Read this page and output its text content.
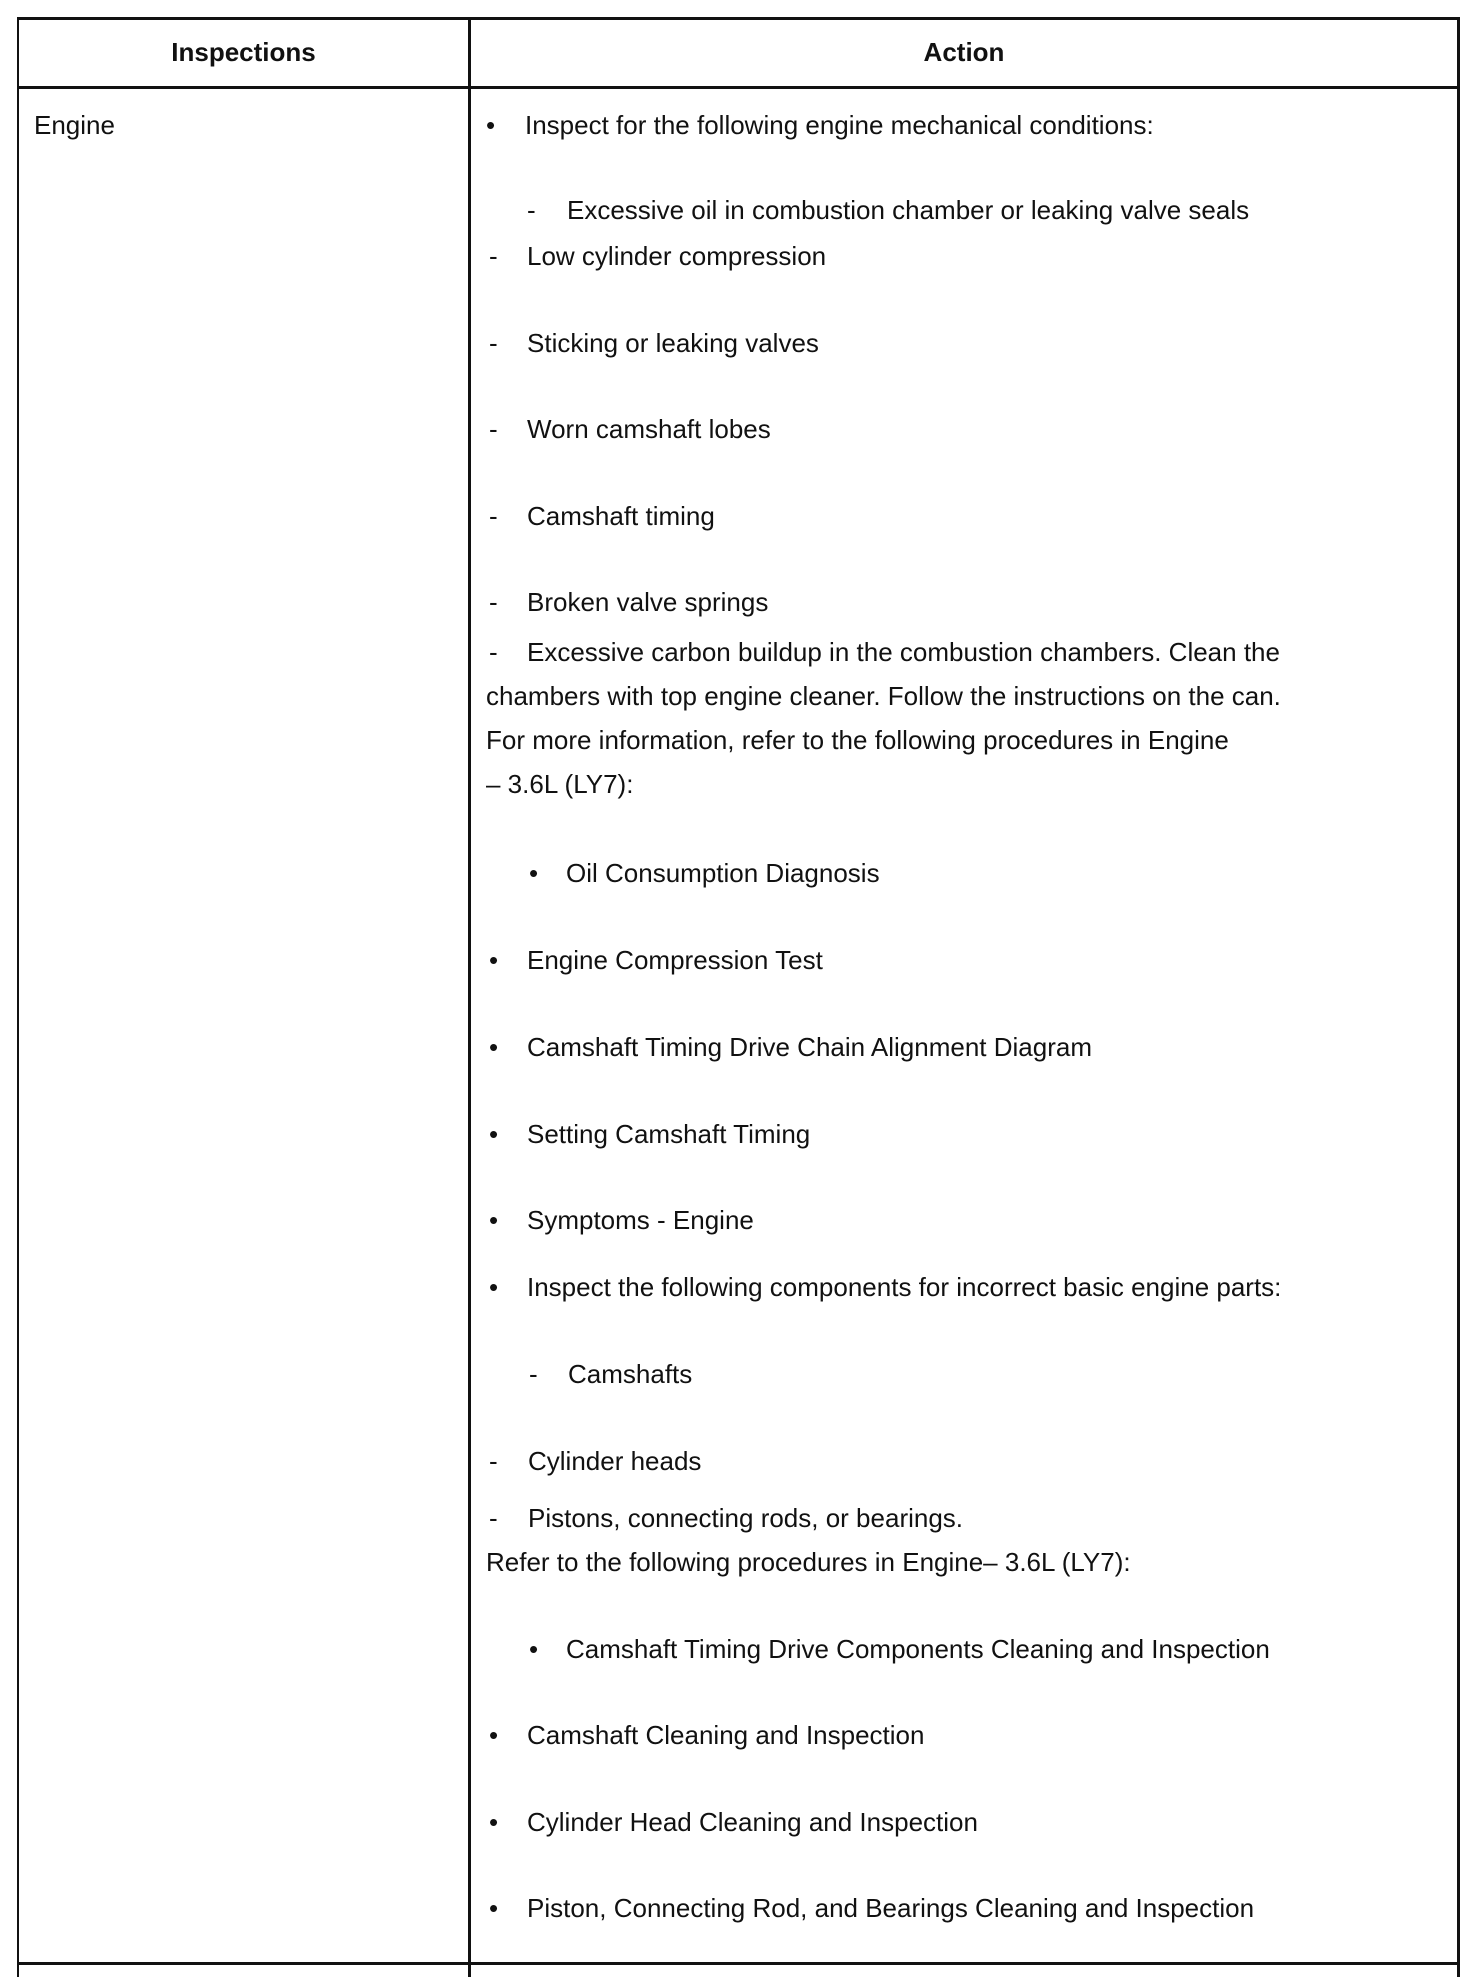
Inspections	Action
Engine	• Inspect for the following engine mechanical conditions:
- Excessive oil in combustion chamber or leaking valve seals
- Low cylinder compression
- Sticking or leaking valves
- Worn camshaft lobes
- Camshaft timing
- Broken valve springs
- Excessive carbon buildup in the combustion chambers. Clean the
chambers with top engine cleaner. Follow the instructions on the can.
For more information, refer to the following procedures in Engine
– 3.6L (LY7):
• Oil Consumption Diagnosis
• Engine Compression Test
• Camshaft Timing Drive Chain Alignment Diagram
• Setting Camshaft Timing
• Symptoms - Engine
• Inspect the following components for incorrect basic engine parts:
- Camshafts
- Cylinder heads
- Pistons, connecting rods, or bearings.
Refer to the following procedures in Engine– 3.6L (LY7):
• Camshaft Timing Drive Components Cleaning and Inspection
• Camshaft Cleaning and Inspection
• Cylinder Head Cleaning and Inspection
• Piston, Connecting Rod, and Bearings Cleaning and Inspection
